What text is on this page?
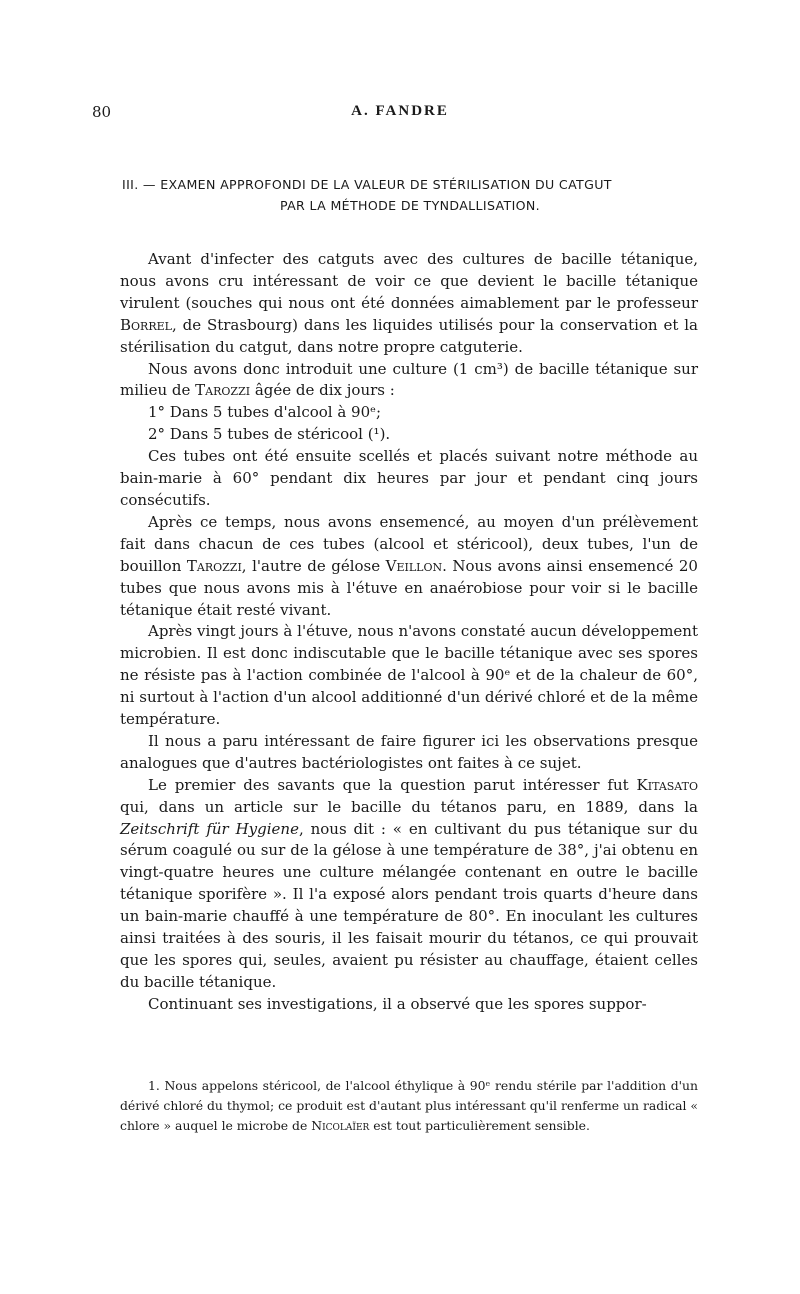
80	A. FANDRE
III. — EXAMEN APPROFONDI DE LA VALEUR DE STÉRILISATION DU CATGUT
PAR LA MÉTHODE DE TYNDALLISATION.

Avant d'infecter des catguts avec des cultures de bacille tétanique, nous avons cru intéressant de voir ce que devient le bacille tétanique virulent (souches qui nous ont été données aimablement par le professeur Borrel, de Strasbourg) dans les liquides utilisés pour la conservation et la stérilisation du catgut, dans notre propre catguterie.

Nous avons donc introduit une culture (1 cm³) de bacille tétanique sur milieu de Tarozzi âgée de dix jours :

1° Dans 5 tubes d'alcool à 90ᵉ;

2° Dans 5 tubes de stéricool (¹).

Ces tubes ont été ensuite scellés et placés suivant notre méthode au bain-marie à 60° pendant dix heures par jour et pendant cinq jours consécutifs.

Après ce temps, nous avons ensemencé, au moyen d'un prélèvement fait dans chacun de ces tubes (alcool et stéricool), deux tubes, l'un de bouillon Tarozzi, l'autre de gélose Veillon. Nous avons ainsi ensemencé 20 tubes que nous avons mis à l'étuve en anaérobiose pour voir si le bacille tétanique était resté vivant.

Après vingt jours à l'étuve, nous n'avons constaté aucun développement microbien. Il est donc indiscutable que le bacille tétanique avec ses spores ne résiste pas à l'action combinée de l'alcool à 90ᵉ et de la chaleur de 60°, ni surtout à l'action d'un alcool additionné d'un dérivé chloré et de la même température.

Il nous a paru intéressant de faire figurer ici les observations presque analogues que d'autres bactériologistes ont faites à ce sujet.

Le premier des savants que la question parut intéresser fut Kitasato qui, dans un article sur le bacille du tétanos paru, en 1889, dans la Zeitschrift für Hygiene, nous dit : « en cultivant du pus tétanique sur du sérum coagulé ou sur de la gélose à une température de 38°, j'ai obtenu en vingt-quatre heures une culture mélangée contenant en outre le bacille tétanique sporifère ». Il l'a exposé alors pendant trois quarts d'heure dans un bain-marie chauffé à une température de 80°. En inoculant les cultures ainsi traitées à des souris, il les faisait mourir du tétanos, ce qui prouvait que les spores qui, seules, avaient pu résister au chauffage, étaient celles du bacille tétanique.

Continuant ses investigations, il a observé que les spores suppor-

1. Nous appelons stéricool, de l'alcool éthylique à 90ᵉ rendu stérile par l'addition d'un dérivé chloré du thymol; ce produit est d'autant plus intéressant qu'il renferme un radical « chlore » auquel le microbe de Nicolaïer est tout particulièrement sensible.
